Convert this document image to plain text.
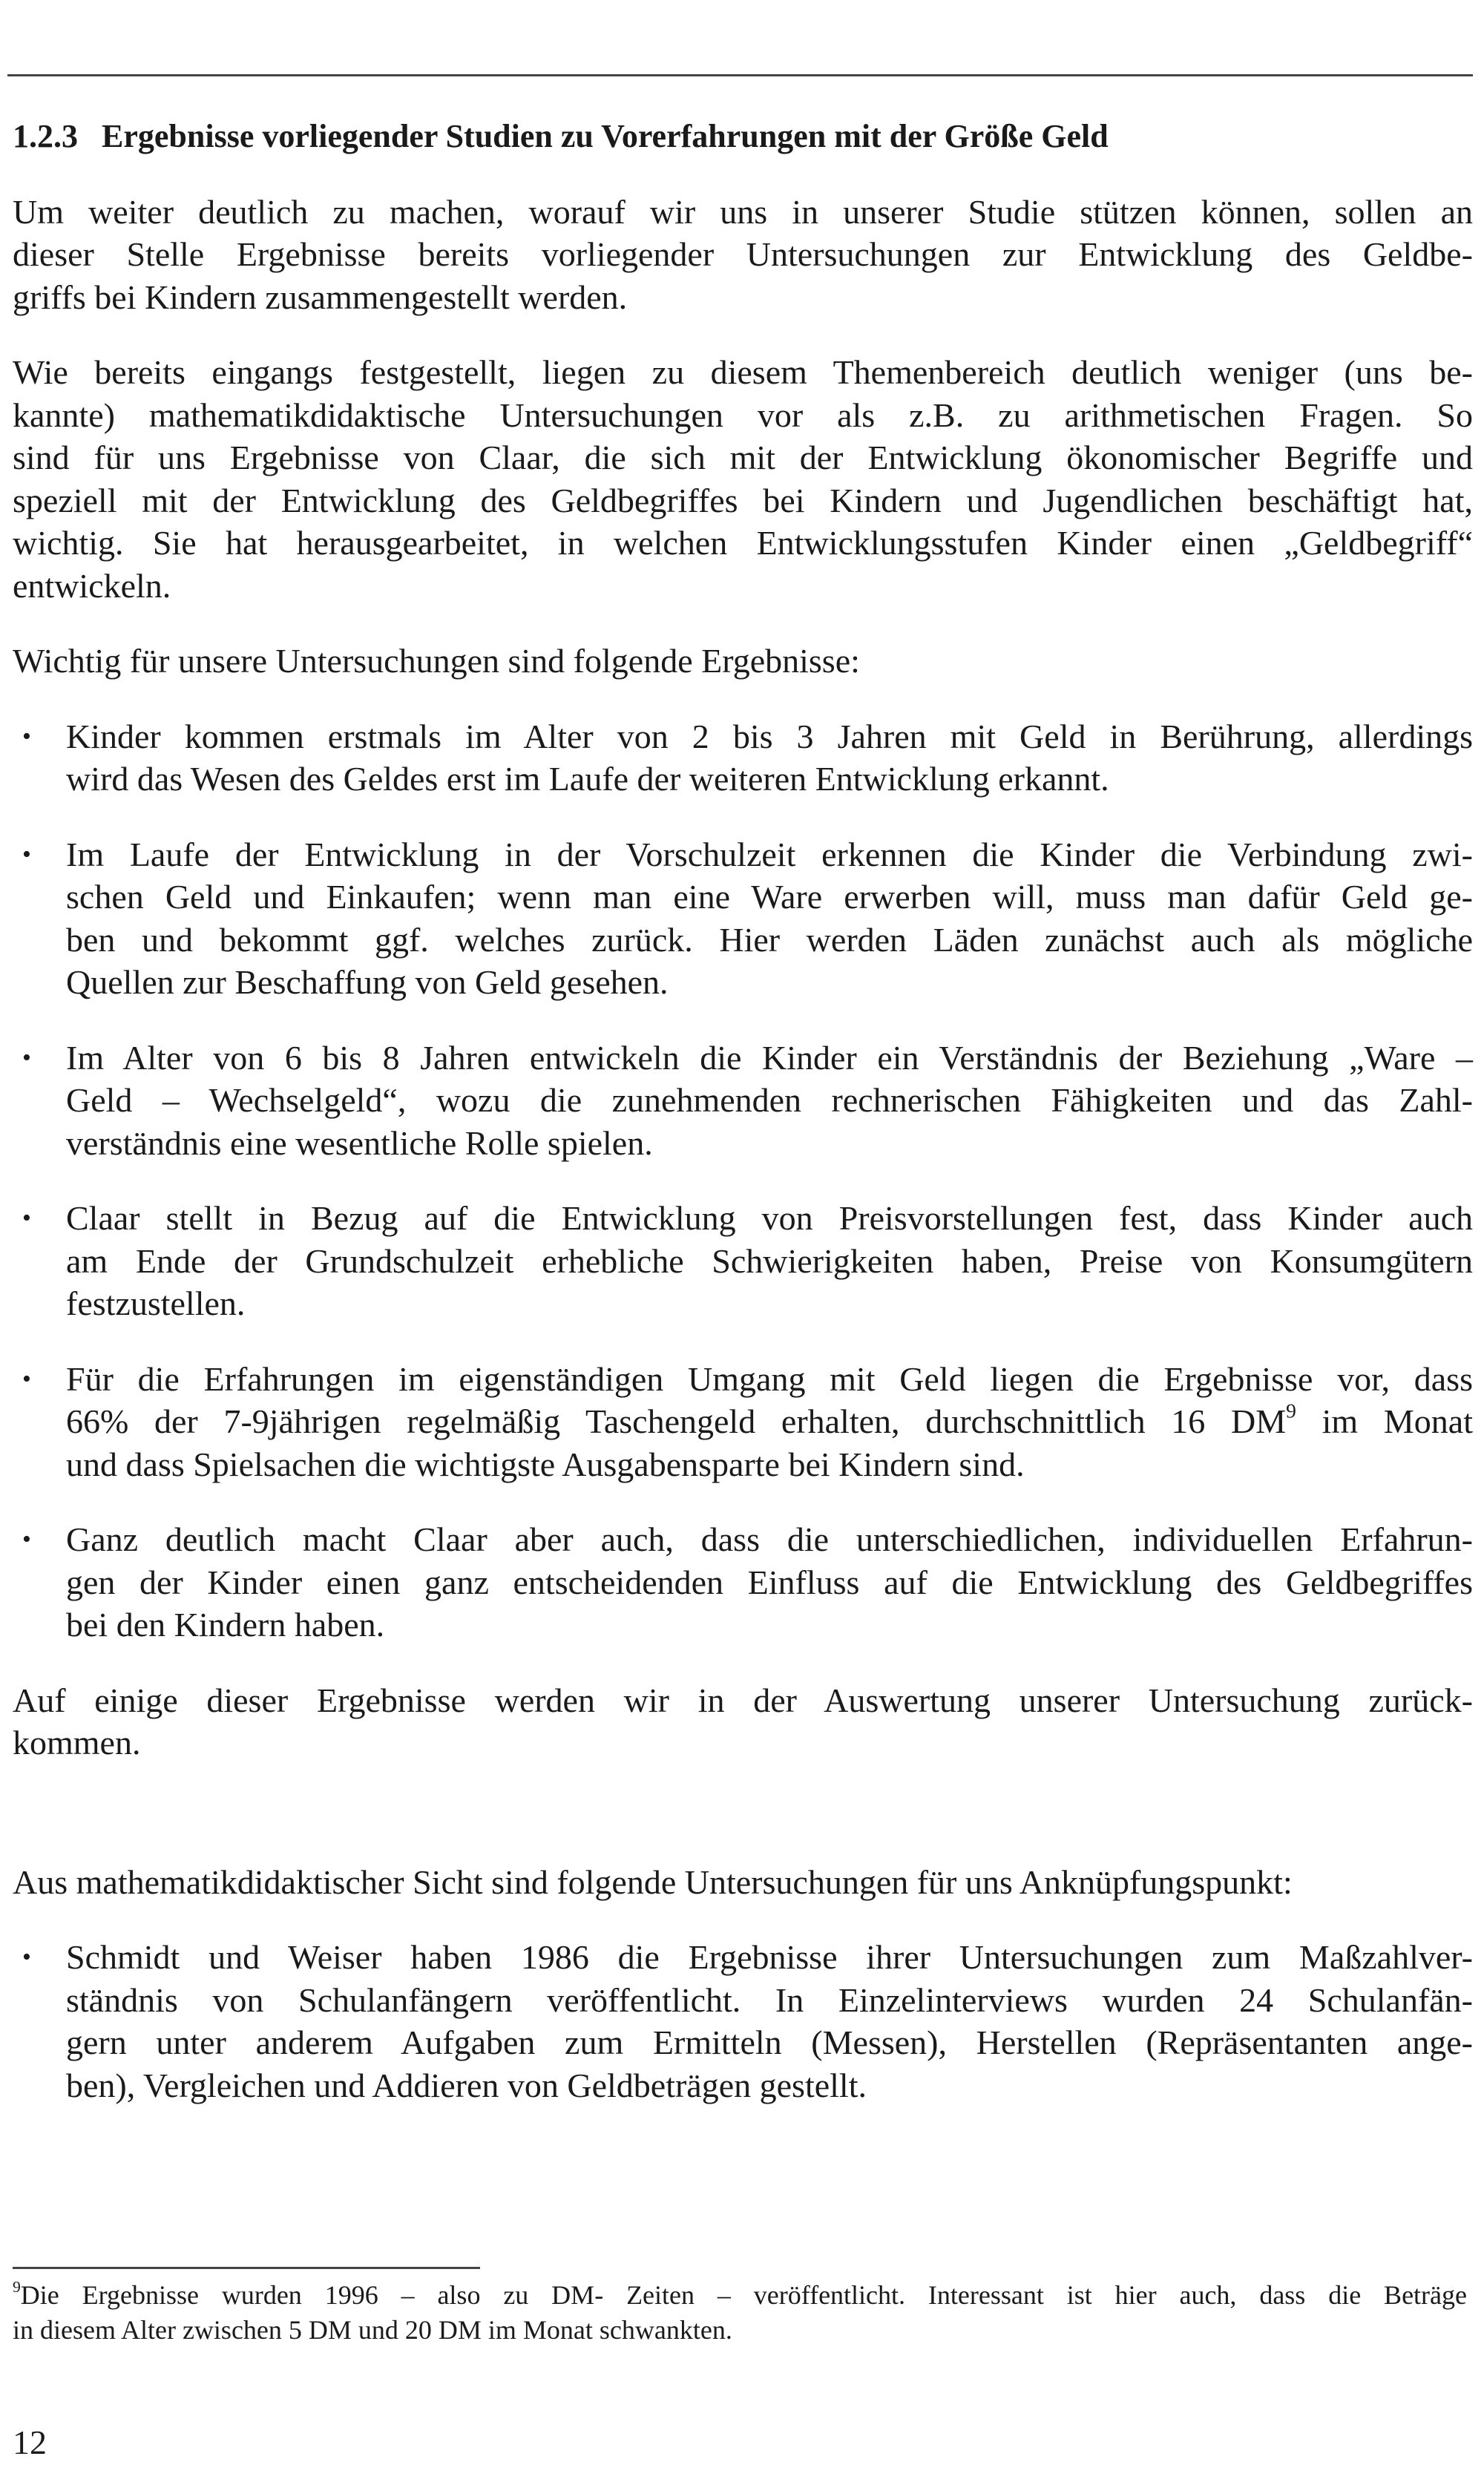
1.2.3 Ergebnisse vorliegender Studien zu Vorerfahrungen mit der Größe Geld
Um weiter deutlich zu machen, worauf wir uns in unserer Studie stützen können, sollen an
dieser Stelle Ergebnisse bereits vorliegender Untersuchungen zur Entwicklung des Geldbe-
griffs bei Kindern zusammengestellt werden.
Wie bereits eingangs festgestellt, liegen zu diesem Themenbereich deutlich weniger (uns be-
kannte) mathematikdidaktische Untersuchungen vor als z.B. zu arithmetischen Fragen. So
sind für uns Ergebnisse von Claar, die sich mit der Entwicklung ökonomischer Begriffe und
speziell mit der Entwicklung des Geldbegriffes bei Kindern und Jugendlichen beschäftigt hat,
wichtig. Sie hat herausgearbeitet, in welchen Entwicklungsstufen Kinder einen „Geldbegriff“
entwickeln.
Wichtig für unsere Untersuchungen sind folgende Ergebnisse:
• Kinder kommen erstmals im Alter von 2 bis 3 Jahren mit Geld in Berührung, allerdings
wird das Wesen des Geldes erst im Laufe der weiteren Entwicklung erkannt.
• Im Laufe der Entwicklung in der Vorschulzeit erkennen die Kinder die Verbindung zwi-
schen Geld und Einkaufen; wenn man eine Ware erwerben will, muss man dafür Geld ge-
ben und bekommt ggf. welches zurück. Hier werden Läden zunächst auch als mögliche
Quellen zur Beschaffung von Geld gesehen.
• Im Alter von 6 bis 8 Jahren entwickeln die Kinder ein Verständnis der Beziehung „Ware –
Geld – Wechselgeld“, wozu die zunehmenden rechnerischen Fähigkeiten und das Zahl-
verständnis eine wesentliche Rolle spielen.
• Claar stellt in Bezug auf die Entwicklung von Preisvorstellungen fest, dass Kinder auch
am Ende der Grundschulzeit erhebliche Schwierigkeiten haben, Preise von Konsumgütern
festzustellen.
• Für die Erfahrungen im eigenständigen Umgang mit Geld liegen die Ergebnisse vor, dass
66% der 7-9jährigen regelmäßig Taschengeld erhalten, durchschnittlich 16 $DM^9$ im Monat
und dass Spielsachen die wichtigste Ausgabensparte bei Kindern sind.
• Ganz deutlich macht Claar aber auch, dass die unterschiedlichen, individuellen Erfahrun-
gen der Kinder einen ganz entscheidenden Einfluss auf die Entwicklung des Geldbegriffes
bei den Kindern haben.
Auf einige dieser Ergebnisse werden wir in der Auswertung unserer Untersuchung zurück-
kommen.
Aus mathematikdidaktischer Sicht sind folgende Untersuchungen für uns Anknüpfungspunkt:
• Schmidt und Weiser haben 1986 die Ergebnisse ihrer Untersuchungen zum Maßzahlver-
ständnis von Schulanfängern veröffentlicht. In Einzelinterviews wurden 24 Schulanfän-
gern unter anderem Aufgaben zum Ermitteln (Messen), Herstellen (Repräsentanten ange-
ben), Vergleichen und Addieren von Geldbeträgen gestellt.
$^9$Die Ergebnisse wurden 1996 – also zu DM- Zeiten – veröffentlicht. Interessant ist hier auch, dass die Beträge
in diesem Alter zwischen 5 DM und 20 DM im Monat schwankten.
12
